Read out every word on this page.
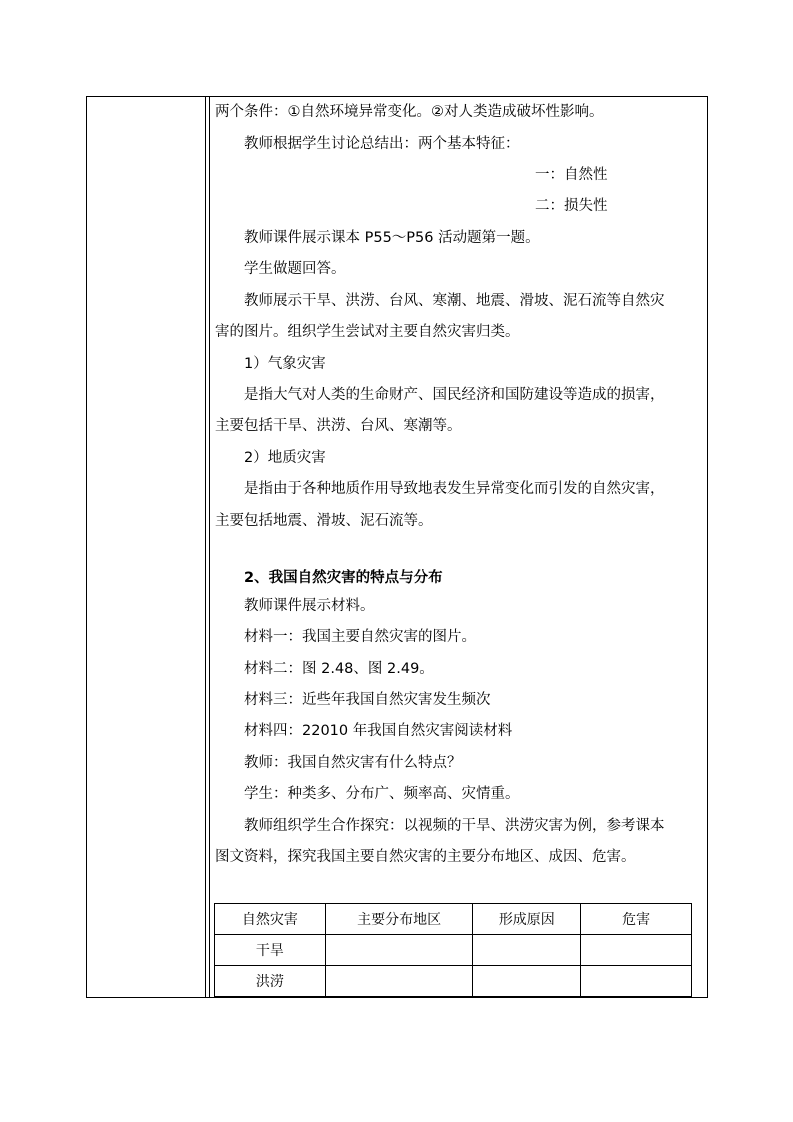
两个条件：①自然环境异常变化。②对人类造成破坏性影响。
教师根据学生讨论总结出：两个基本特征：
一：自然性
二：损失性
教师课件展示课本 P55～P56 活动题第一题。
学生做题回答。
教师展示干旱、洪涝、台风、寒潮、地震、滑坡、泥石流等自然灾
害的图片。组织学生尝试对主要自然灾害归类。
1）气象灾害
是指大气对人类的生命财产、国民经济和国防建设等造成的损害，
主要包括干旱、洪涝、台风、寒潮等。
2）地质灾害
是指由于各种地质作用导致地表发生异常变化而引发的自然灾害，
主要包括地震、滑坡、泥石流等。
2、我国自然灾害的特点与分布
教师课件展示材料。
材料一：我国主要自然灾害的图片。
材料二：图 2.48、图 2.49。
材料三：近些年我国自然灾害发生频次
材料四：22010 年我国自然灾害阅读材料
教师：我国自然灾害有什么特点？
学生：种类多、分布广、频率高、灾情重。
教师组织学生合作探究：以视频的干旱、洪涝灾害为例，参考课本
图文资料，探究我国主要自然灾害的主要分布地区、成因、危害。
自然灾害	主要分布地区	形成原因	危害
干旱			
洪涝			
